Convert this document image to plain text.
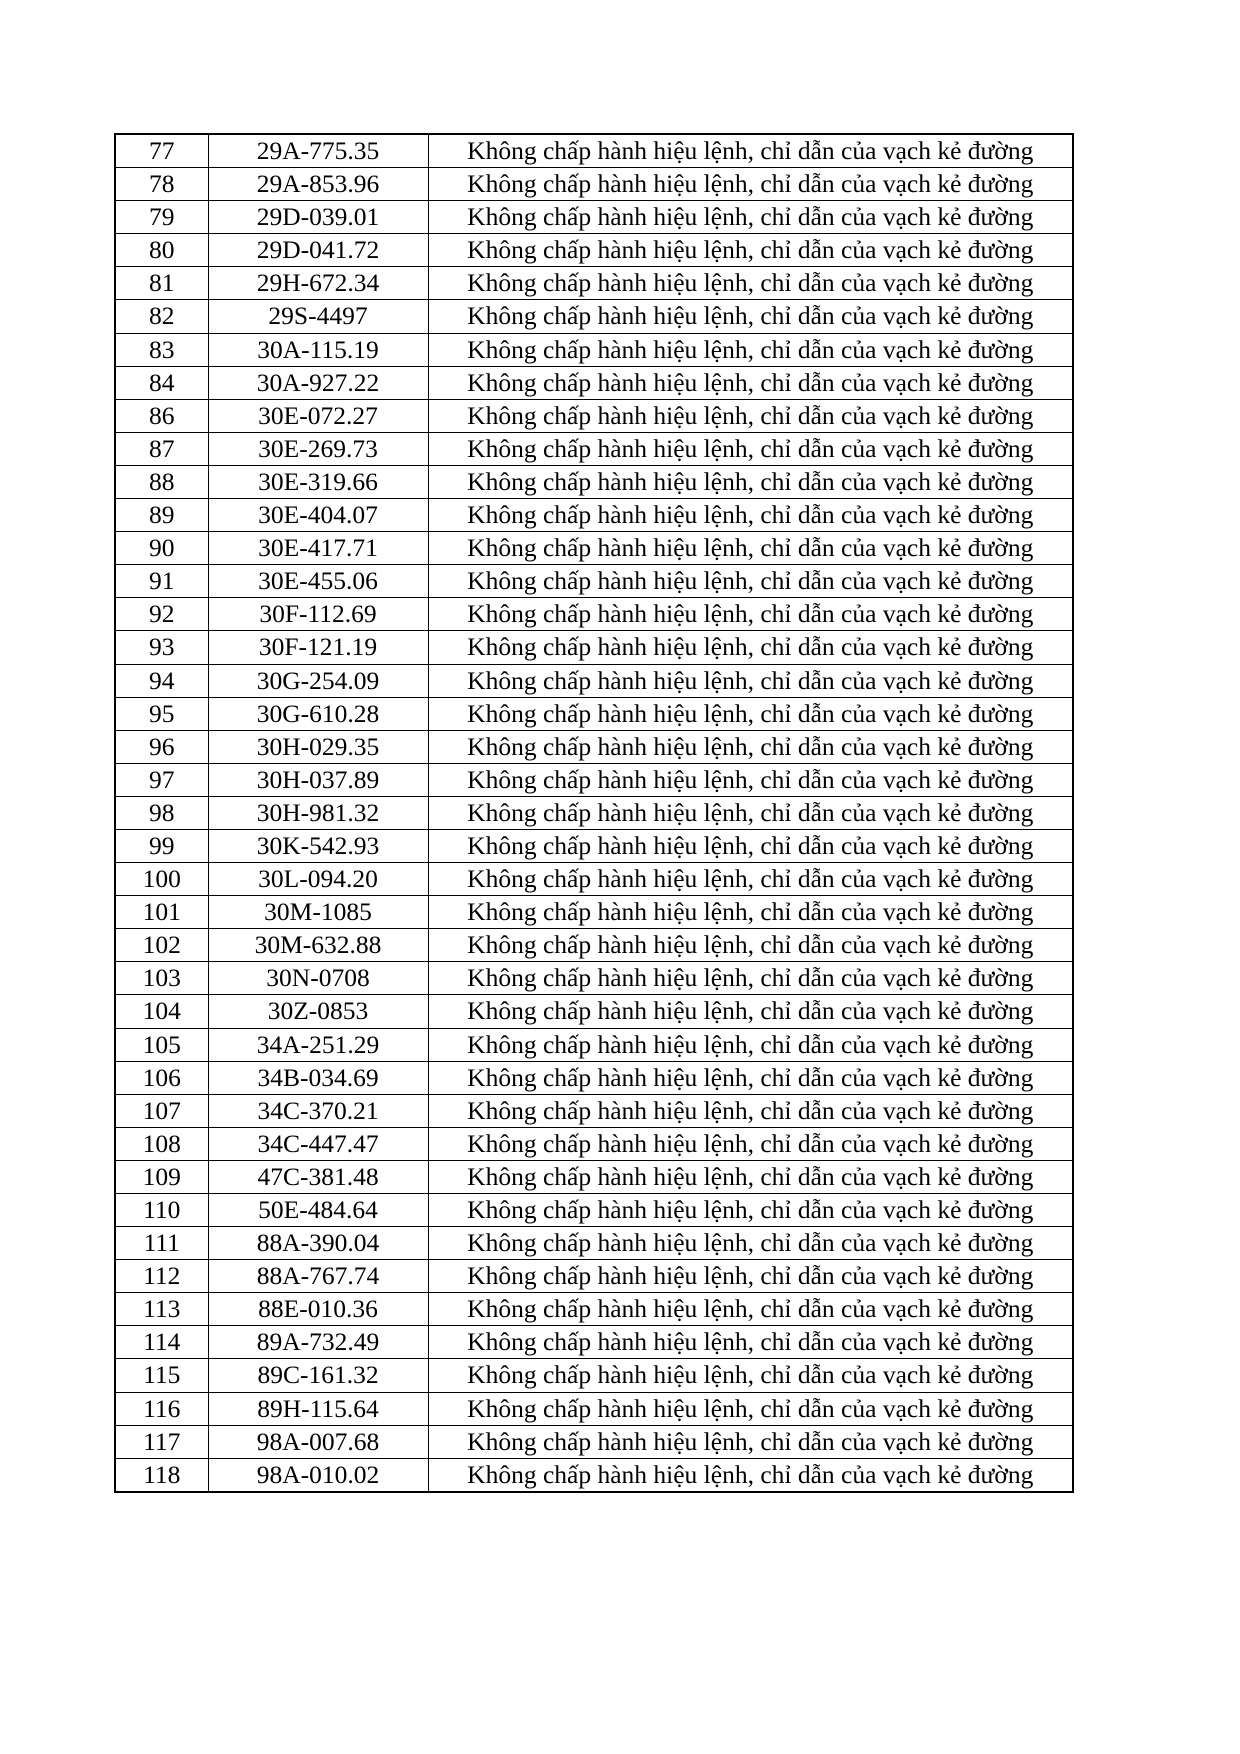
77	29A-775.35	Không chấp hành hiệu lệnh, chỉ dẫn của vạch kẻ đường
78	29A-853.96	Không chấp hành hiệu lệnh, chỉ dẫn của vạch kẻ đường
79	29D-039.01	Không chấp hành hiệu lệnh, chỉ dẫn của vạch kẻ đường
80	29D-041.72	Không chấp hành hiệu lệnh, chỉ dẫn của vạch kẻ đường
81	29H-672.34	Không chấp hành hiệu lệnh, chỉ dẫn của vạch kẻ đường
82	29S-4497	Không chấp hành hiệu lệnh, chỉ dẫn của vạch kẻ đường
83	30A-115.19	Không chấp hành hiệu lệnh, chỉ dẫn của vạch kẻ đường
84	30A-927.22	Không chấp hành hiệu lệnh, chỉ dẫn của vạch kẻ đường
86	30E-072.27	Không chấp hành hiệu lệnh, chỉ dẫn của vạch kẻ đường
87	30E-269.73	Không chấp hành hiệu lệnh, chỉ dẫn của vạch kẻ đường
88	30E-319.66	Không chấp hành hiệu lệnh, chỉ dẫn của vạch kẻ đường
89	30E-404.07	Không chấp hành hiệu lệnh, chỉ dẫn của vạch kẻ đường
90	30E-417.71	Không chấp hành hiệu lệnh, chỉ dẫn của vạch kẻ đường
91	30E-455.06	Không chấp hành hiệu lệnh, chỉ dẫn của vạch kẻ đường
92	30F-112.69	Không chấp hành hiệu lệnh, chỉ dẫn của vạch kẻ đường
93	30F-121.19	Không chấp hành hiệu lệnh, chỉ dẫn của vạch kẻ đường
94	30G-254.09	Không chấp hành hiệu lệnh, chỉ dẫn của vạch kẻ đường
95	30G-610.28	Không chấp hành hiệu lệnh, chỉ dẫn của vạch kẻ đường
96	30H-029.35	Không chấp hành hiệu lệnh, chỉ dẫn của vạch kẻ đường
97	30H-037.89	Không chấp hành hiệu lệnh, chỉ dẫn của vạch kẻ đường
98	30H-981.32	Không chấp hành hiệu lệnh, chỉ dẫn của vạch kẻ đường
99	30K-542.93	Không chấp hành hiệu lệnh, chỉ dẫn của vạch kẻ đường
100	30L-094.20	Không chấp hành hiệu lệnh, chỉ dẫn của vạch kẻ đường
101	30M-1085	Không chấp hành hiệu lệnh, chỉ dẫn của vạch kẻ đường
102	30M-632.88	Không chấp hành hiệu lệnh, chỉ dẫn của vạch kẻ đường
103	30N-0708	Không chấp hành hiệu lệnh, chỉ dẫn của vạch kẻ đường
104	30Z-0853	Không chấp hành hiệu lệnh, chỉ dẫn của vạch kẻ đường
105	34A-251.29	Không chấp hành hiệu lệnh, chỉ dẫn của vạch kẻ đường
106	34B-034.69	Không chấp hành hiệu lệnh, chỉ dẫn của vạch kẻ đường
107	34C-370.21	Không chấp hành hiệu lệnh, chỉ dẫn của vạch kẻ đường
108	34C-447.47	Không chấp hành hiệu lệnh, chỉ dẫn của vạch kẻ đường
109	47C-381.48	Không chấp hành hiệu lệnh, chỉ dẫn của vạch kẻ đường
110	50E-484.64	Không chấp hành hiệu lệnh, chỉ dẫn của vạch kẻ đường
111	88A-390.04	Không chấp hành hiệu lệnh, chỉ dẫn của vạch kẻ đường
112	88A-767.74	Không chấp hành hiệu lệnh, chỉ dẫn của vạch kẻ đường
113	88E-010.36	Không chấp hành hiệu lệnh, chỉ dẫn của vạch kẻ đường
114	89A-732.49	Không chấp hành hiệu lệnh, chỉ dẫn của vạch kẻ đường
115	89C-161.32	Không chấp hành hiệu lệnh, chỉ dẫn của vạch kẻ đường
116	89H-115.64	Không chấp hành hiệu lệnh, chỉ dẫn của vạch kẻ đường
117	98A-007.68	Không chấp hành hiệu lệnh, chỉ dẫn của vạch kẻ đường
118	98A-010.02	Không chấp hành hiệu lệnh, chỉ dẫn của vạch kẻ đường
